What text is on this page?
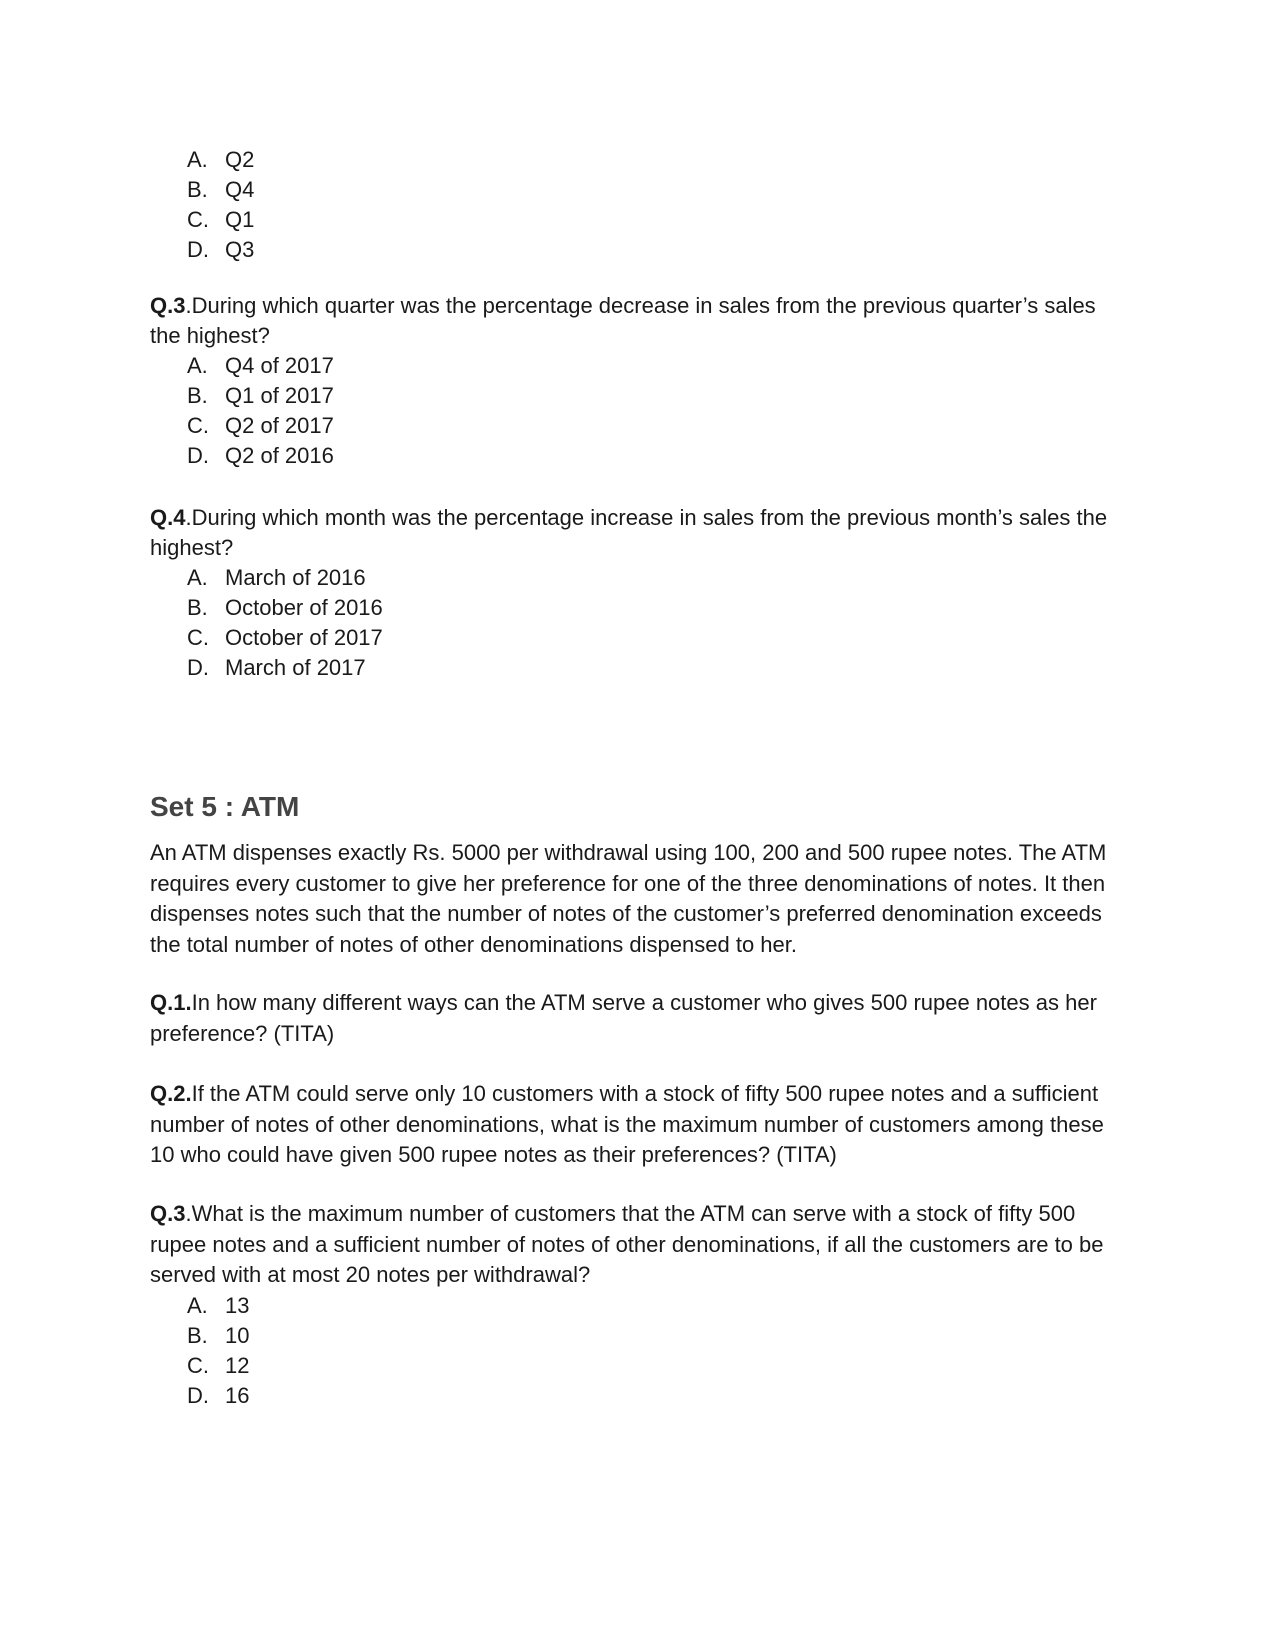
A. Q2
B. Q4
C. Q1
D. Q3

Q.3.During which quarter was the percentage decrease in sales from the previous quarter’s sales the highest?

A. Q4 of 2017
B. Q1 of 2017
C. Q2 of 2017
D. Q2 of 2016

Q.4.During which month was the percentage increase in sales from the previous month’s sales the highest?

A. March of 2016
B. October of 2016
C. October of 2017
D. March of 2017
Set 5 : ATM

An ATM dispenses exactly Rs. 5000 per withdrawal using 100, 200 and 500 rupee notes. The ATM requires every customer to give her preference for one of the three denominations of notes. It then dispenses notes such that the number of notes of the customer’s preferred denomination exceeds the total number of notes of other denominations dispensed to her.

Q.1.In how many different ways can the ATM serve a customer who gives 500 rupee notes as her preference? (TITA)

Q.2.If the ATM could serve only 10 customers with a stock of fifty 500 rupee notes and a sufficient number of notes of other denominations, what is the maximum number of customers among these 10 who could have given 500 rupee notes as their preferences? (TITA)

Q.3.What is the maximum number of customers that the ATM can serve with a stock of fifty 500 rupee notes and a sufficient number of notes of other denominations, if all the customers are to be served with at most 20 notes per withdrawal?

A. 13
B. 10
C. 12
D. 16
